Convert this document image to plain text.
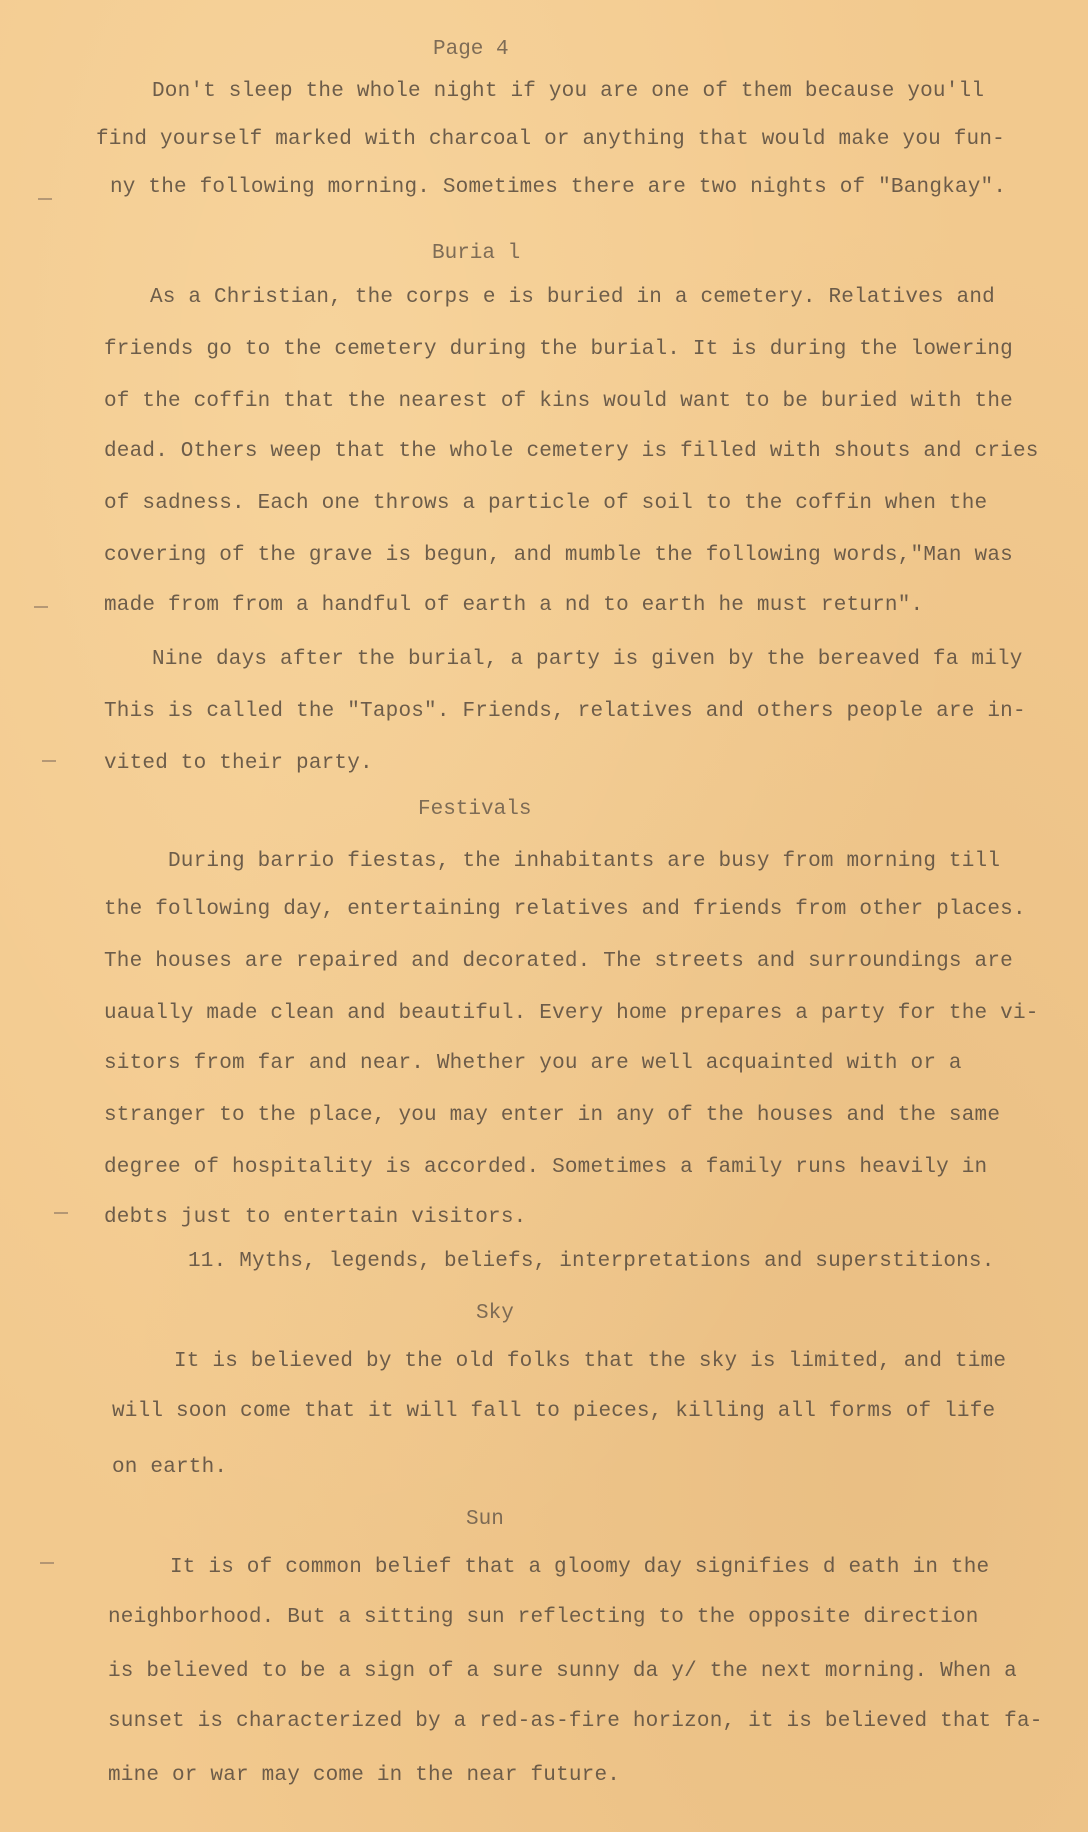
Page 4
Don't sleep the whole night if you are one of them because you'll
find yourself marked with charcoal or anything that would make you fun-
ny the following morning. Sometimes there are two nights of "Bangkay".
Buria l
As a Christian, the corps e is buried in a cemetery. Relatives and
friends go to the cemetery during the burial. It is during the lowering
of the coffin that the nearest of kins would want to be buried with the
dead. Others weep that the whole cemetery is filled with shouts and cries
of sadness. Each one throws a particle of soil to the coffin when the
covering of the grave is begun, and mumble the following words,"Man was
made from from a handful of earth a nd to earth he must return".
Nine days after the burial, a party is given by the bereaved fa mily
This is called the "Tapos". Friends, relatives and others people are in-
vited to their party.
Festivals
During barrio fiestas, the inhabitants are busy from morning till
the following day, entertaining relatives and friends from other places.
The houses are repaired and decorated. The streets and surroundings are
uaually made clean and beautiful. Every home prepares a party for the vi-
sitors from far and near. Whether you are well acquainted with or a
stranger to the place, you may enter in any of the houses and the same
degree of hospitality is accorded. Sometimes a family runs heavily in
debts just to entertain visitors.
11. Myths, legends, beliefs, interpretations and superstitions.
Sky
It is believed by the old folks that the sky is limited, and time
will soon come that it will fall to pieces, killing all forms of life
on earth.
Sun
It is of common belief that a gloomy day signifies d eath in the
neighborhood. But a sitting sun reflecting to the opposite direction
is believed to be a sign of a sure sunny da y/ the next morning. When a
sunset is characterized by a red-as-fire horizon, it is believed that fa-
mine or war may come in the near future.
